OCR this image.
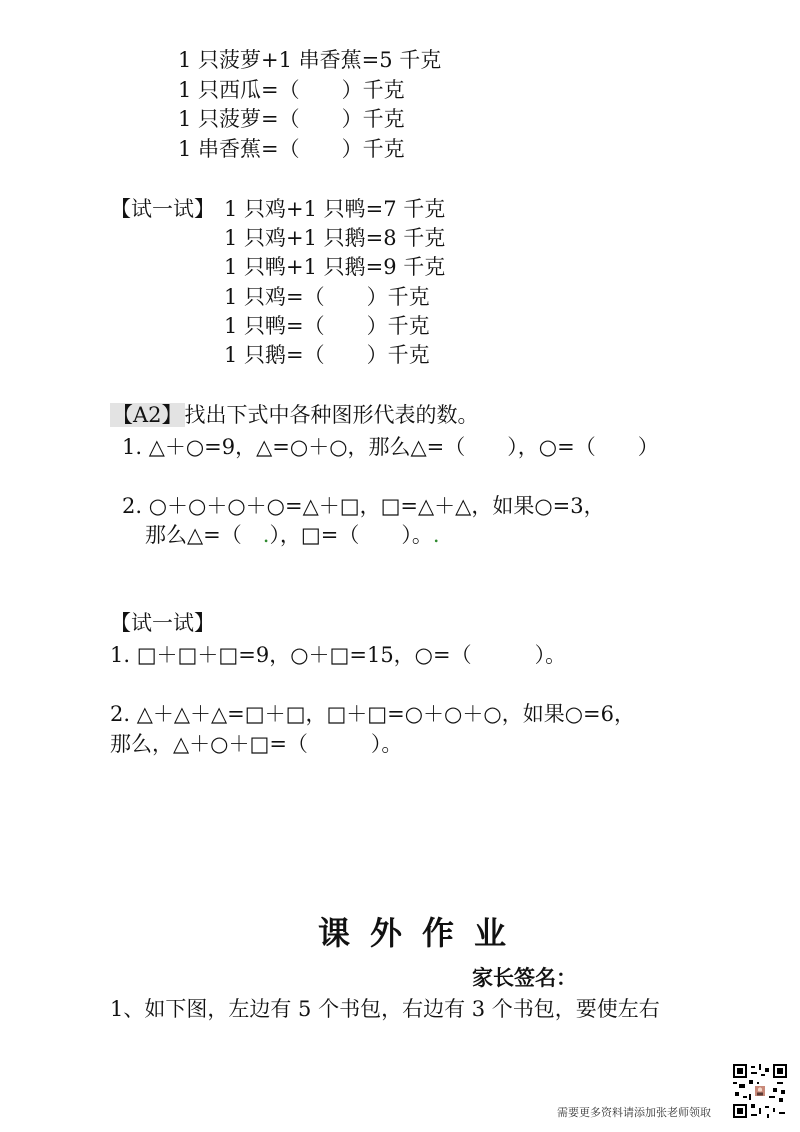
1 只菠萝+1 串香蕉=5 千克
1 只西瓜=（　　）千克
1 只菠萝=（　　）千克
1 串香蕉=（　　）千克
【试一试】 1 只鸡+1 只鸭=7 千克
1 只鸡+1 只鹅=8 千克
1 只鸭+1 只鹅=9 千克
1 只鸡=（　　）千克
1 只鸭=（　　）千克
1 只鹅=（　　）千克
【A2】找出下式中各种图形代表的数。
1. △＋○=9，△=○＋○，那么△=（　　），○=（　　）
2. ○＋○＋○＋○=△＋□，□=△＋△，如果○=3，
那么△=（　.），□=（　　）。.
【试一试】
1. □＋□＋□=9，○＋□=15，○=（　　　）。
2. △＋△＋△=□＋□，□＋□=○＋○＋○，如果○=6，
那么，△＋○＋□=（　　　）。
课外作业
家长签名：
1、如下图，左边有 5 个书包，右边有 3 个书包，要使左右
需要更多资料请添加张老师领取
